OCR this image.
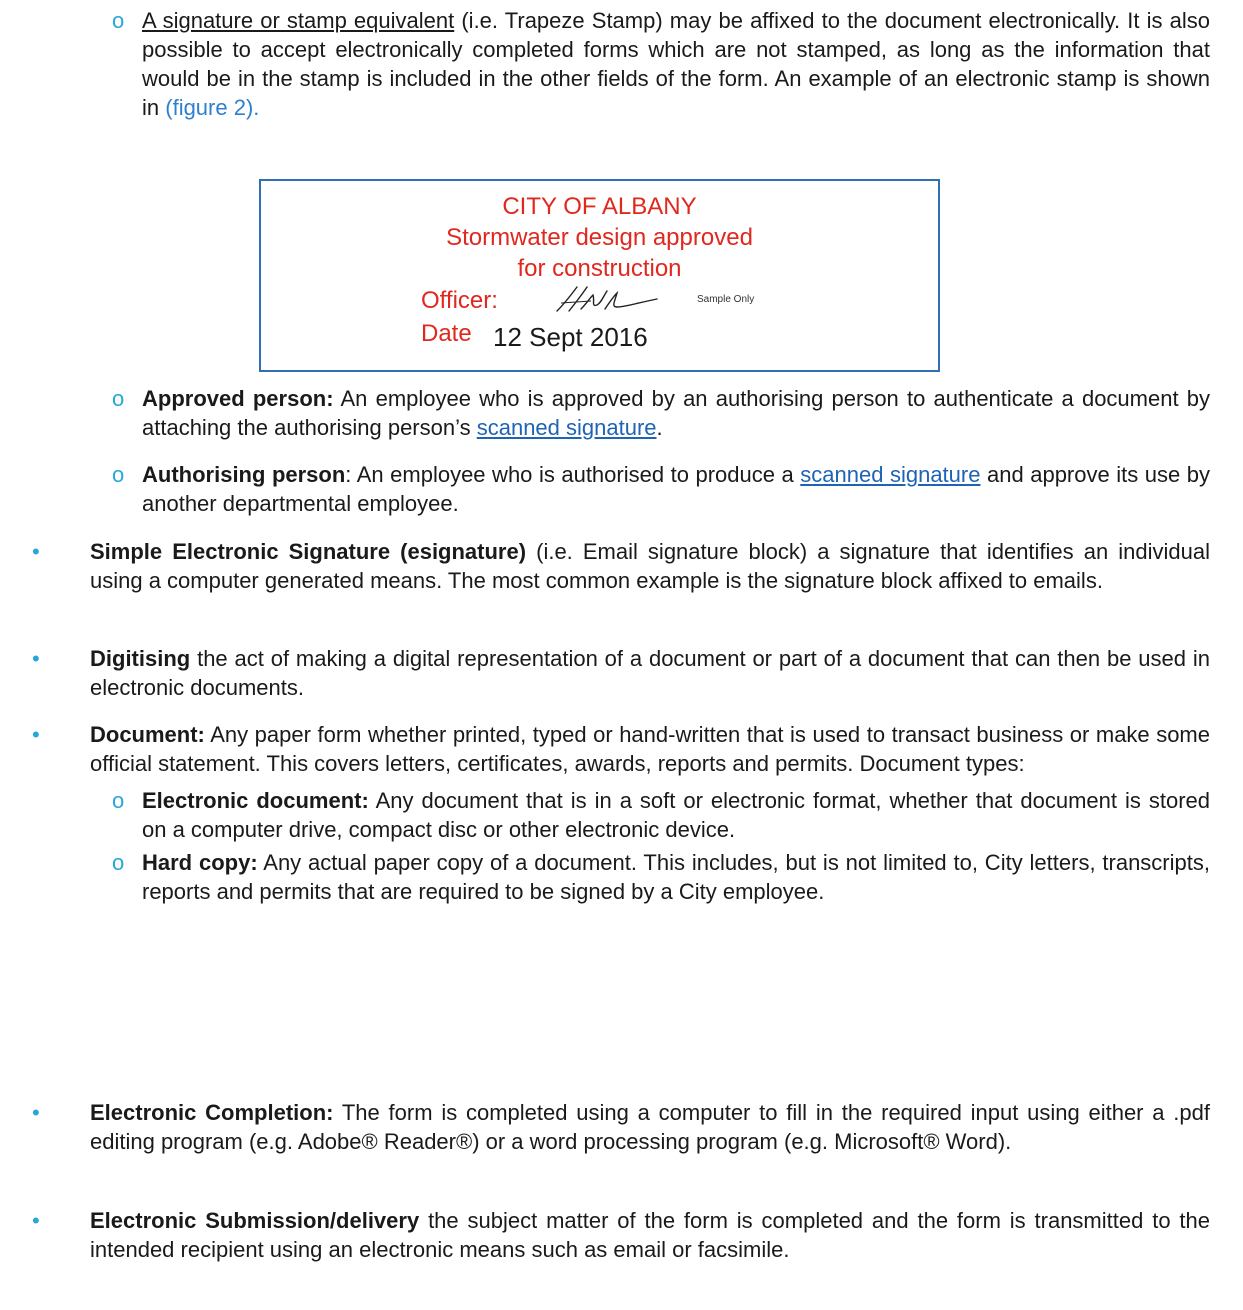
o A signature or stamp equivalent (i.e. Trapeze Stamp) may be affixed to the document electronically. It is also possible to accept electronically completed forms which are not stamped, as long as the information that would be in the stamp is included in the other fields of the form. An example of an electronic stamp is shown in (figure 2).

CITY OF ALBANY
Stormwater design approved
for construction
Officer:	Sample Only
Date 12 Sept 2016
o Approved person: An employee who is approved by an authorising person to authenticate a document by attaching the authorising person’s scanned signature.

o Authorising person: An employee who is authorised to produce a scanned signature and approve its use by another departmental employee.

• Simple Electronic Signature (esignature) (i.e. Email signature block) a signature that identifies an individual using a computer generated means. The most common example is the signature block affixed to emails.

• Digitising the act of making a digital representation of a document or part of a document that can then be used in electronic documents.

• Document: Any paper form whether printed, typed or hand-written that is used to transact business or make some official statement. This covers letters, certificates, awards, reports and permits. Document types:

o Electronic document: Any document that is in a soft or electronic format, whether that document is stored on a computer drive, compact disc or other electronic device.

o Hard copy: Any actual paper copy of a document. This includes, but is not limited to, City letters, transcripts, reports and permits that are required to be signed by a City employee.

• Electronic Completion: The form is completed using a computer to fill in the required input using either a .pdf editing program (e.g. Adobe® Reader®) or a word processing program (e.g. Microsoft® Word).

• Electronic Submission/delivery the subject matter of the form is completed and the form is transmitted to the intended recipient using an electronic means such as email or facsimile.
